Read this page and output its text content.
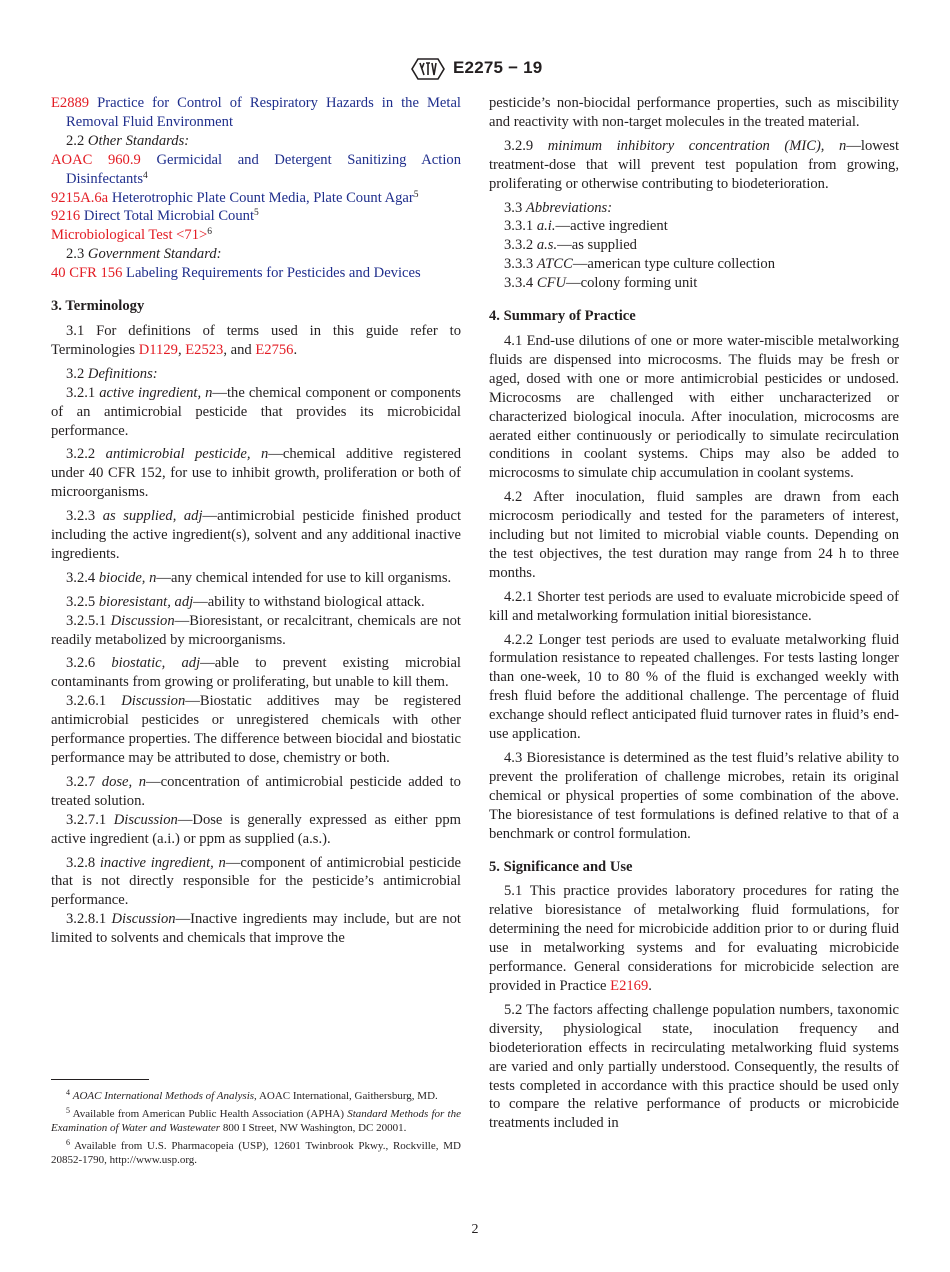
E2275 − 19

E2889 Practice for Control of Respiratory Hazards in the Metal Removal Fluid Environment

2.2 Other Standards:

AOAC 960.9 Germicidal and Detergent Sanitizing Action Disinfectants$^4$

9215A.6a Heterotrophic Plate Count Media, Plate Count Agar$^5$

9216 Direct Total Microbial Count$^5$

Microbiological Test <71>$^6$

2.3 Government Standard:

40 CFR 156 Labeling Requirements for Pesticides and Devices

3. Terminology

3.1 For definitions of terms used in this guide refer to Terminologies D1129, E2523, and E2756.

3.2 Definitions:

3.2.1 active ingredient, n—the chemical component or components of an antimicrobial pesticide that provides its microbicidal performance.

3.2.2 antimicrobial pesticide, n—chemical additive registered under 40 CFR 152, for use to inhibit growth, proliferation or both of microorganisms.

3.2.3 as supplied, adj—antimicrobial pesticide finished product including the active ingredient(s), solvent and any additional inactive ingredients.

3.2.4 biocide, n—any chemical intended for use to kill organisms.

3.2.5 bioresistant, adj—ability to withstand biological attack.

3.2.5.1 Discussion—Bioresistant, or recalcitrant, chemicals are not readily metabolized by microorganisms.

3.2.6 biostatic, adj—able to prevent existing microbial contaminants from growing or proliferating, but unable to kill them.

3.2.6.1 Discussion—Biostatic additives may be registered antimicrobial pesticides or unregistered chemicals with other performance properties. The difference between biocidal and biostatic performance may be attributed to dose, chemistry or both.

3.2.7 dose, n—concentration of antimicrobial pesticide added to treated solution.

3.2.7.1 Discussion—Dose is generally expressed as either ppm active ingredient (a.i.) or ppm as supplied (a.s.).

3.2.8 inactive ingredient, n—component of antimicrobial pesticide that is not directly responsible for the pesticide’s antimicrobial performance.

3.2.8.1 Discussion—Inactive ingredients may include, but are not limited to solvents and chemicals that improve the

pesticide’s non-biocidal performance properties, such as miscibility and reactivity with non-target molecules in the treated material.

3.2.9 minimum inhibitory concentration (MIC), n—lowest treatment-dose that will prevent test population from growing, proliferating or otherwise contributing to biodeterioration.

3.3 Abbreviations:

3.3.1 a.i.—active ingredient

3.3.2 a.s.—as supplied

3.3.3 ATCC—american type culture collection

3.3.4 CFU—colony forming unit

4. Summary of Practice

4.1 End-use dilutions of one or more water-miscible metalworking fluids are dispensed into microcosms. The fluids may be fresh or aged, dosed with one or more antimicrobial pesticides or undosed. Microcosms are challenged with either uncharacterized or characterized biological inocula. After inoculation, microcosms are aerated either continuously or periodically to simulate recirculation conditions in coolant systems. Chips may also be added to microcosms to simulate chip accumulation in coolant systems.

4.2 After inoculation, fluid samples are drawn from each microcosm periodically and tested for the parameters of interest, including but not limited to microbial viable counts. Depending on the test objectives, the test duration may range from 24 h to three months.

4.2.1 Shorter test periods are used to evaluate microbicide speed of kill and metalworking formulation initial bioresistance.

4.2.2 Longer test periods are used to evaluate metalworking fluid formulation resistance to repeated challenges. For tests lasting longer than one-week, 10 to 80 % of the fluid is exchanged weekly with fresh fluid before the additional challenge. The percentage of fluid exchange should reflect anticipated fluid turnover rates in fluid’s end-use application.

4.3 Bioresistance is determined as the test fluid’s relative ability to prevent the proliferation of challenge microbes, retain its original chemical or physical properties of some combination of the above. The bioresistance of test formulations is defined relative to that of a benchmark or control formulation.

5. Significance and Use

5.1 This practice provides laboratory procedures for rating the relative bioresistance of metalworking fluid formulations, for determining the need for microbicide addition prior to or during fluid use in metalworking systems and for evaluating microbicide performance. General considerations for microbicide selection are provided in Practice E2169.

5.2 The factors affecting challenge population numbers, taxonomic diversity, physiological state, inoculation frequency and biodeterioration effects in recirculating metalworking fluid systems are varied and only partially understood. Consequently, the results of tests completed in accordance with this practice should be used only to compare the relative performance of products or microbicide treatments included in

$^4$ AOAC International Methods of Analysis, AOAC International, Gaithersburg, MD.

$^5$ Available from American Public Health Association (APHA) Standard Methods for the Examination of Water and Wastewater 800 I Street, NW Washington, DC 20001.

$^6$ Available from U.S. Pharmacopeia (USP), 12601 Twinbrook Pkwy., Rockville, MD 20852-1790, http://www.usp.org.

2
